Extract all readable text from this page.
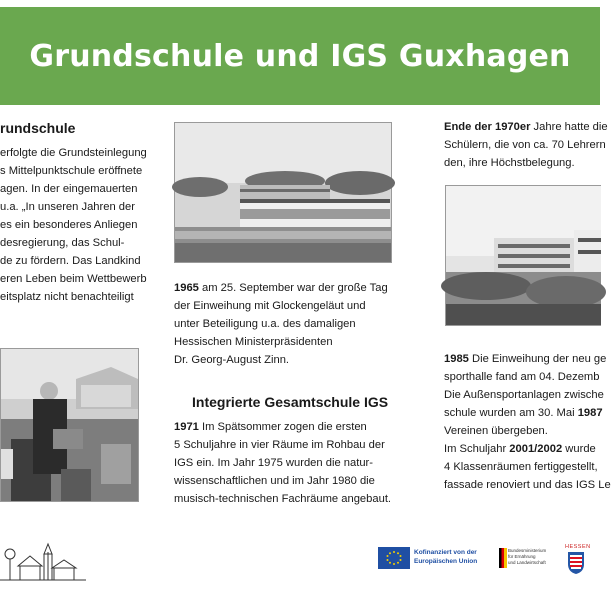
Grundschule und IGS Guxhagen
rundschule

erfolgte die Grundsteinlegung

s Mittelpunktschule eröffnete

agen. In der eingemauerten

u.a. „In unseren Jahren der

es ein besonderes Anliegen

desregierung, das Schul-

de zu fördern. Das Landkind

eren Leben beim Wettbewerb

eitsplatz nicht benachteiligt

1965 am 25. September war der große Tag

der Einweihung mit Glockengeläut und

unter Beteiligung u.a. des damaligen

Hessischen Ministerpräsidenten

Dr. Georg-August Zinn.

Integrierte Gesamtschule IGS

1971 Im Spätsommer zogen die ersten

5 Schuljahre in vier Räume im Rohbau der

IGS ein. Im Jahr 1975 wurden die natur-

wissenschaftlichen und im Jahr 1980 die

musisch-technischen Fachräume angebaut.

Ende der 1970er Jahre hatte die

Schülern, die von ca. 70 Lehrern

den, ihre Höchstbelegung.

1985 Die Einweihung der neu ge

sporthalle fand am 04. Dezemb

Die Außensportanlagen zwische

schule wurden am 30. Mai 1987

Vereinen übergeben.

Im Schuljahr 2001/2002 wurde

4 Klassenräumen fertiggestellt,

fassade renoviert und das IGS Le

Kofinanziert von der
Europäischen Union
Bundesministerium
für Ernährung
und Landwirtschaft
HESSEN
